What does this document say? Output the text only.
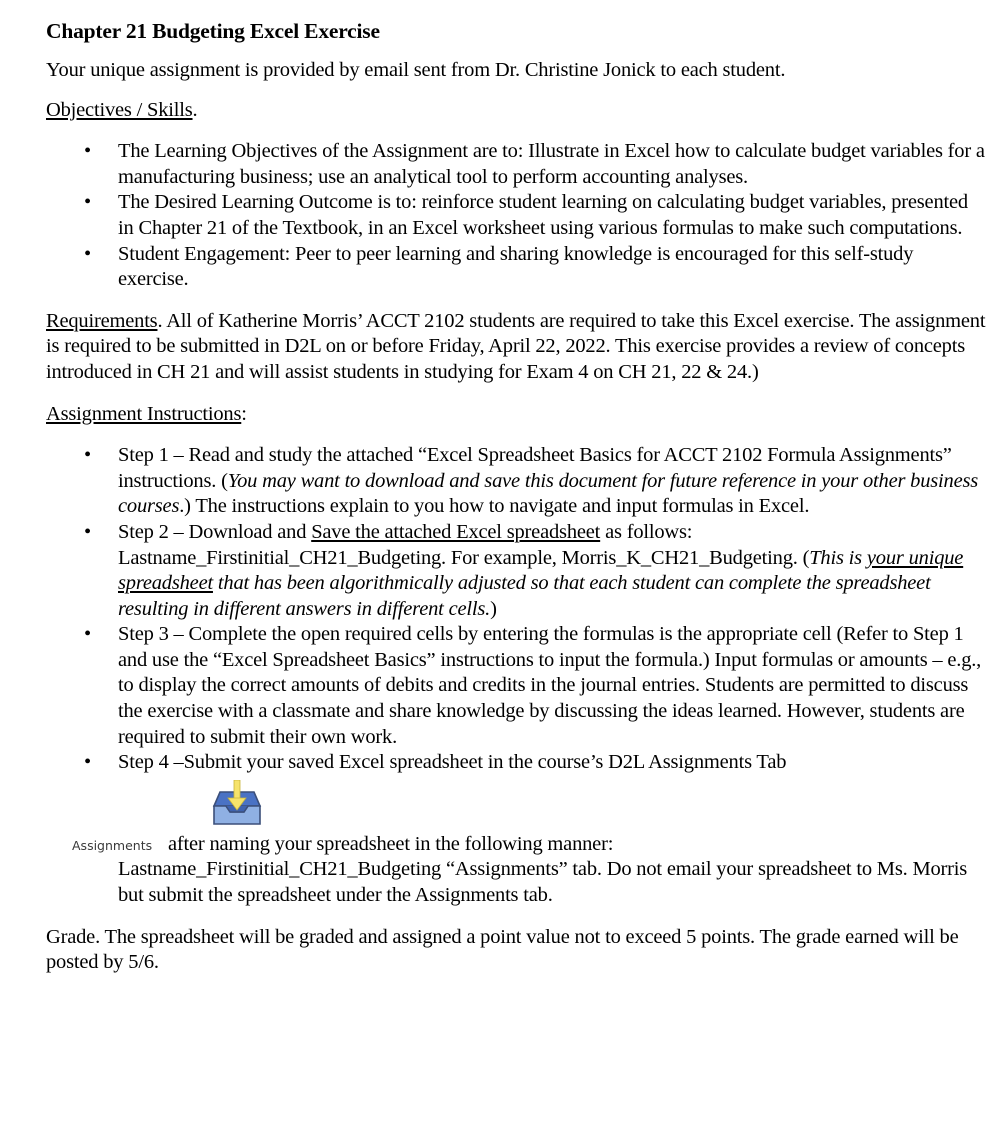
Chapter 21 Budgeting Excel Exercise

Your unique assignment is provided by email sent from Dr. Christine Jonick to each student.

Objectives / Skills.

•	The Learning Objectives of the Assignment are to: Illustrate in Excel how to calculate budget variables for a manufacturing business; use an analytical tool to perform accounting analyses.
•	The Desired Learning Outcome is to: reinforce student learning on calculating budget variables, presented in Chapter 21 of the Textbook, in an Excel worksheet using various formulas to make such computations.
•	Student Engagement: Peer to peer learning and sharing knowledge is encouraged for this self-study exercise.

Requirements. All of Katherine Morris’ ACCT 2102 students are required to take this Excel exercise. The assignment is required to be submitted in D2L on or before Friday, April 22, 2022. This exercise provides a review of concepts introduced in CH 21 and will assist students in studying for Exam 4 on CH 21, 22 & 24.)

Assignment Instructions:

•	Step 1 – Read and study the attached “Excel Spreadsheet Basics for ACCT 2102 Formula Assignments” instructions. (You may want to download and save this document for future reference in your other business courses.) The instructions explain to you how to navigate and input formulas in Excel.
•	Step 2 – Download and Save the attached Excel spreadsheet as follows: Lastname_Firstinitial_CH21_Budgeting. For example, Morris_K_CH21_Budgeting. (This is your unique spreadsheet that has been algorithmically adjusted so that each student can complete the spreadsheet resulting in different answers in different cells.)
•	Step 3 – Complete the open required cells by entering the formulas is the appropriate cell (Refer to Step 1 and use the “Excel Spreadsheet Basics” instructions to input the formula.) Input formulas or amounts – e.g., to display the correct amounts of debits and credits in the journal entries. Students are permitted to discuss the exercise with a classmate and share knowledge by discussing the ideas learned. However, students are required to submit their own work.
•	Step 4 –Submit your saved Excel spreadsheet in the course’s D2L Assignments Tab
Assignments after naming your spreadsheet in the following manner:
Lastname_Firstinitial_CH21_Budgeting “Assignments” tab. Do not email your spreadsheet to Ms. Morris but submit the spreadsheet under the Assignments tab.

Grade. The spreadsheet will be graded and assigned a point value not to exceed 5 points. The grade earned will be posted by 5/6.
